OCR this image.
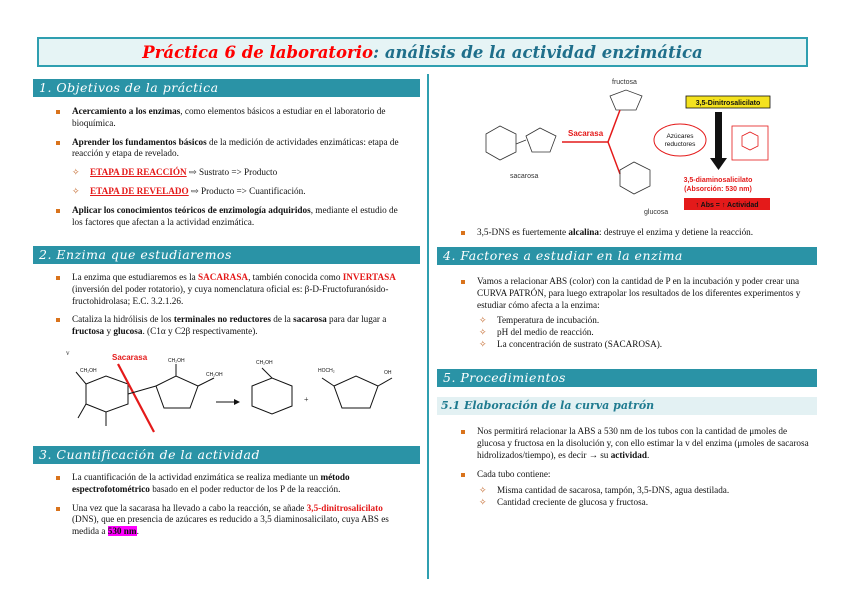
Práctica 6 de laboratorio : análisis de la actividad enzimática
1. Objetivos de la práctica

Acercamiento a los enzimas, como elementos básicos a estudiar en el laboratorio de bioquímica.

Aprender los fundamentos básicos de la medición de actividades enzimáticas: etapa de reacción y etapa de revelado.

✧ ETAPA DE REACCIÓN ⇨ Sustrato => Producto

✧ ETAPA DE REVELADO ⇨ Producto => Cuantificación.

Aplicar los conocimientos teóricos de enzimología adquiridos, mediante el estudio de los factores que afectan a la actividad enzimática.

2. Enzima que estudiaremos

La enzima que estudiaremos es la SACARASA, también conocida como INVERTASA (inversión del poder rotatorio), y cuya nomenclatura oficial es: β-D-Fructofuranósido-fructohidrolasa; E.C. 3.2.1.26.

Cataliza la hidrólisis de los terminales no reductores de la sacarosa para dar lugar a fructosa y glucosa. (C1α y C2β respectivamente).

v	Sacarasa
CH₂OH
CH₂OH
CH₂OH
CH₂OH
+
HOCH₂	OH
3. Cuantificación de la actividad

La cuantificación de la actividad enzimática se realiza mediante un método espectrofotométrico basado en el poder reductor de los P de la reacción.

Una vez que la sacarasa ha llevado a cabo la reacción, se añade 3,5-dinitrosalicilato (DNS), que en presencia de azúcares es reducido a 3,5 diaminosalicilato, cuya ABS es medida a 530 nm.

fructosa
sacarosa
Sacarasa
glucosa
Azúcares
reductores
3,5-Dinitrosalicilato
3,5-diaminosalicilato
(Absorción: 530 nm)
↑ Abs = ↑ Actividad

3,5-DNS es fuertemente alcalina: destruye el enzima y detiene la reacción.

4. Factores a estudiar en la enzima

Vamos a relacionar ABS (color) con la cantidad de P en la incubación y poder crear una CURVA PATRÓN, para luego extrapolar los resultados de los diferentes experimentos y estudiar cómo afecta a la enzima:

✧ Temperatura de incubación.

✧ pH del medio de reacción.

✧ La concentración de sustrato (SACAROSA).

5. Procedimientos
5.1 Elaboración de la curva patrón

Nos permitirá relacionar la ABS a 530 nm de los tubos con la cantidad de μmoles de glucosa y fructosa en la disolución y, con ello estimar la v del enzima (μmoles de sacarosa hidrolizados/tiempo), es decir → su actividad.

Cada tubo contiene:

✧ Misma cantidad de sacarosa, tampón, 3,5-DNS, agua destilada.

✧ Cantidad creciente de glucosa y fructosa.
